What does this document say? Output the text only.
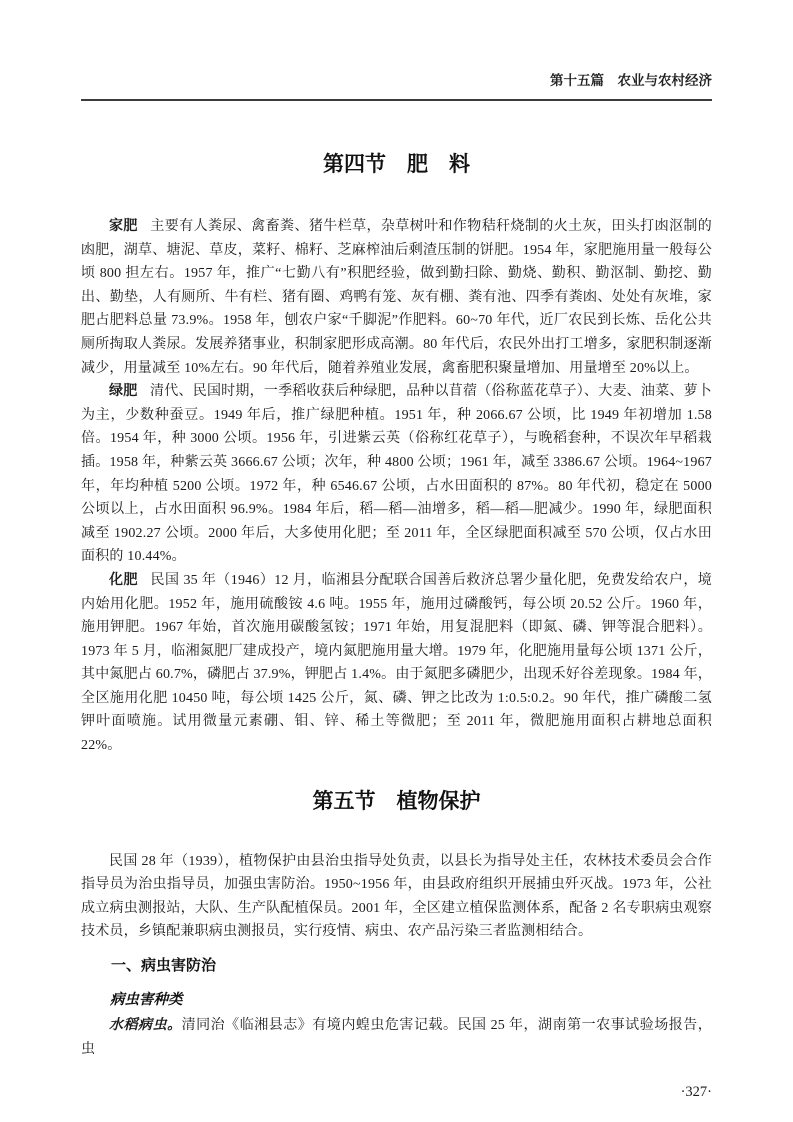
第十五篇　农业与农村经济
第四节　肥　料

家肥 主要有人粪尿、禽畜粪、猪牛栏草，杂草树叶和作物秸秆烧制的火土灰，田头打凼沤制的凼肥，湖草、塘泥、草皮，菜籽、棉籽、芝麻榨油后剩渣压制的饼肥。1954 年，家肥施用量一般每公顷 800 担左右。1957 年，推广“七勤八有”积肥经验，做到勤扫除、勤烧、勤积、勤沤制、勤挖、勤出、勤垫，人有厕所、牛有栏、猪有圈、鸡鸭有笼、灰有棚、粪有池、四季有粪凼、处处有灰堆，家肥占肥料总量 73.9%。1958 年，刨农户家“千脚泥”作肥料。60~70 年代，近厂农民到长炼、岳化公共厕所掏取人粪尿。发展养猪事业，积制家肥形成高潮。80 年代后，农民外出打工增多，家肥积制逐渐减少，用量减至 10%左右。90 年代后，随着养殖业发展，禽畜肥积聚量增加、用量增至 20%以上。

绿肥 清代、民国时期，一季稻收获后种绿肥，品种以苜蓿（俗称蓝花草子）、大麦、油菜、萝卜为主，少数种蚕豆。1949 年后，推广绿肥种植。1951 年，种 2066.67 公顷，比 1949 年初增加 1.58 倍。1954 年，种 3000 公顷。1956 年，引进紫云英（俗称红花草子），与晚稻套种，不误次年早稻栽插。1958 年，种紫云英 3666.67 公顷；次年，种 4800 公顷；1961 年，减至 3386.67 公顷。1964~1967 年，年均种植 5200 公顷。1972 年，种 6546.67 公顷，占水田面积的 87%。80 年代初，稳定在 5000 公顷以上，占水田面积 96.9%。1984 年后，稻—稻—油增多，稻—稻—肥减少。1990 年，绿肥面积减至 1902.27 公顷。2000 年后，大多使用化肥；至 2011 年，全区绿肥面积减至 570 公顷，仅占水田面积的 10.44%。

化肥 民国 35 年（1946）12 月，临湘县分配联合国善后救济总署少量化肥，免费发给农户，境内始用化肥。1952 年，施用硫酸铵 4.6 吨。1955 年，施用过磷酸钙，每公顷 20.52 公斤。1960 年，施用钾肥。1967 年始，首次施用碳酸氢铵；1971 年始，用复混肥料（即氮、磷、钾等混合肥料）。1973 年 5 月，临湘氮肥厂建成投产，境内氮肥施用量大增。1979 年，化肥施用量每公顷 1371 公斤，其中氮肥占 60.7%，磷肥占 37.9%，钾肥占 1.4%。由于氮肥多磷肥少，出现禾好谷差现象。1984 年，全区施用化肥 10450 吨，每公顷 1425 公斤，氮、磷、钾之比改为 1:0.5:0.2。90 年代，推广磷酸二氢钾叶面喷施。试用微量元素硼、钼、锌、稀土等微肥；至 2011 年，微肥施用面积占耕地总面积 22%。

第五节　植物保护

民国 28 年（1939），植物保护由县治虫指导处负责，以县长为指导处主任，农林技术委员会合作指导员为治虫指导员，加强虫害防治。1950~1956 年，由县政府组织开展捕虫歼灭战。1973 年，公社成立病虫测报站，大队、生产队配植保员。2001 年，全区建立植保监测体系，配备 2 名专职病虫观察技术员，乡镇配兼职病虫测报员，实行疫情、病虫、农产品污染三者监测相结合。

一、病虫害防治
病虫害种类

水稻病虫。清同治《临湘县志》有境内蝗虫危害记载。民国 25 年，湖南第一农事试验场报告，虫

·327·
